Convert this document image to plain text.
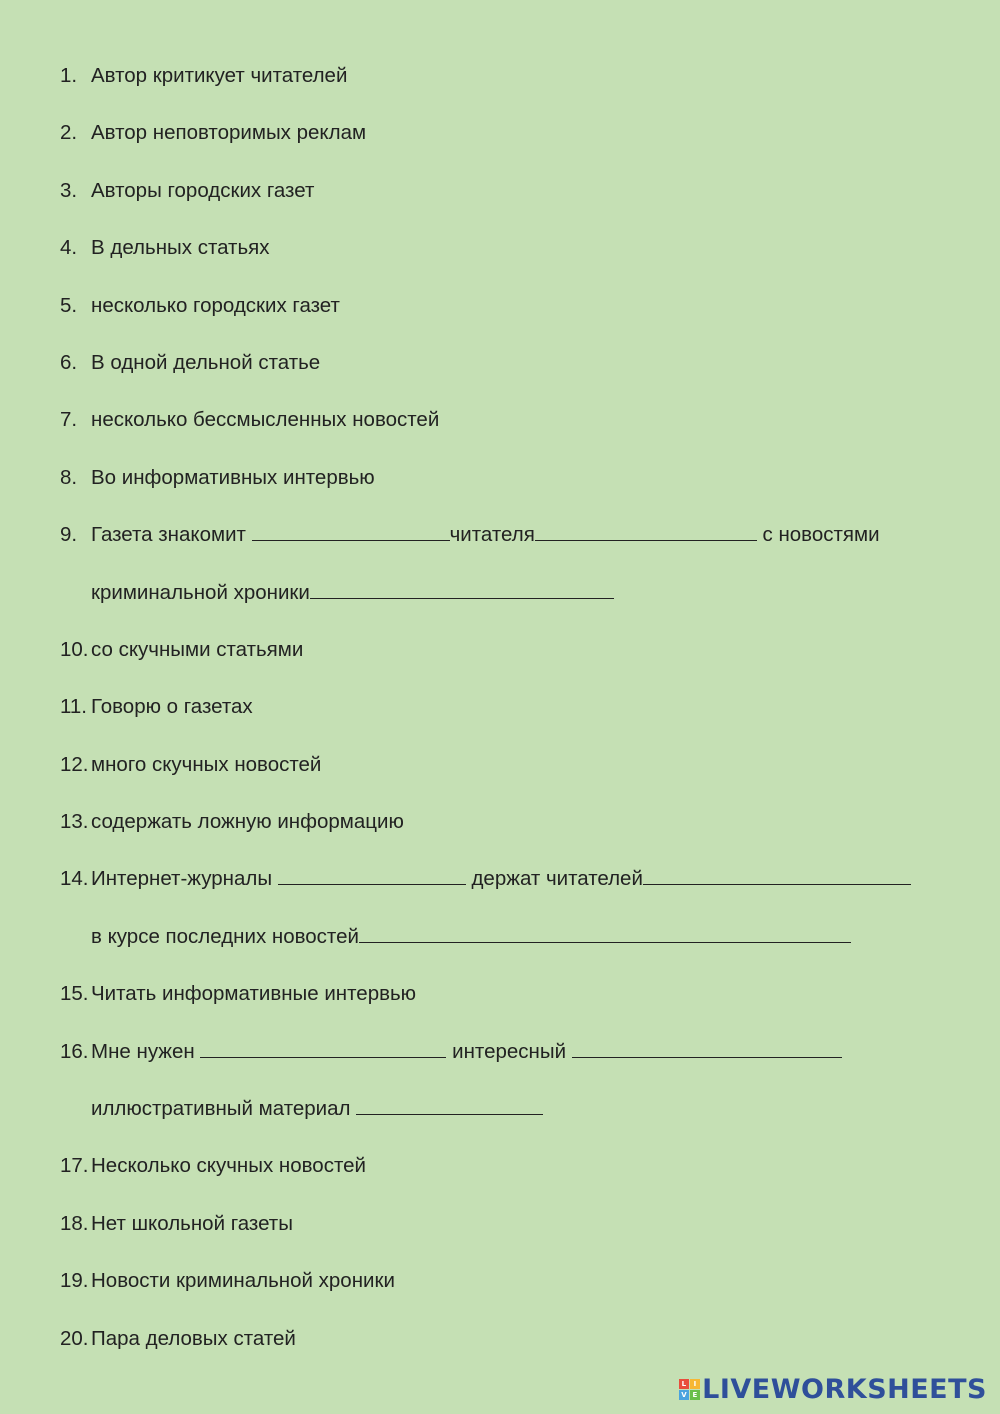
1. Автор критикует читателей
2. Автор неповторимых реклам
3. Авторы городских газет
4. В дельных статьях
5. несколько городских газет
6. В одной дельной статье
7. несколько бессмысленных новостей
8. Во информативных интервью
9. Газета знакомит	читателя	с новостями
криминальной хроники
10. со скучными статьями
11. Говорю о газетах
12. много скучных новостей
13. содержать ложную информацию
14. Интернет-журналы	держат читателей
в курсе последних новостей
15. Читать информативные интервью
16. Мне нужен	интересный
иллюстративный материал
17. Несколько скучных новостей
18. Нет школьной газеты
19. Новости криминальной хроники
20. Пара деловых статей
L I
V E LIVEWORKSHEETS
